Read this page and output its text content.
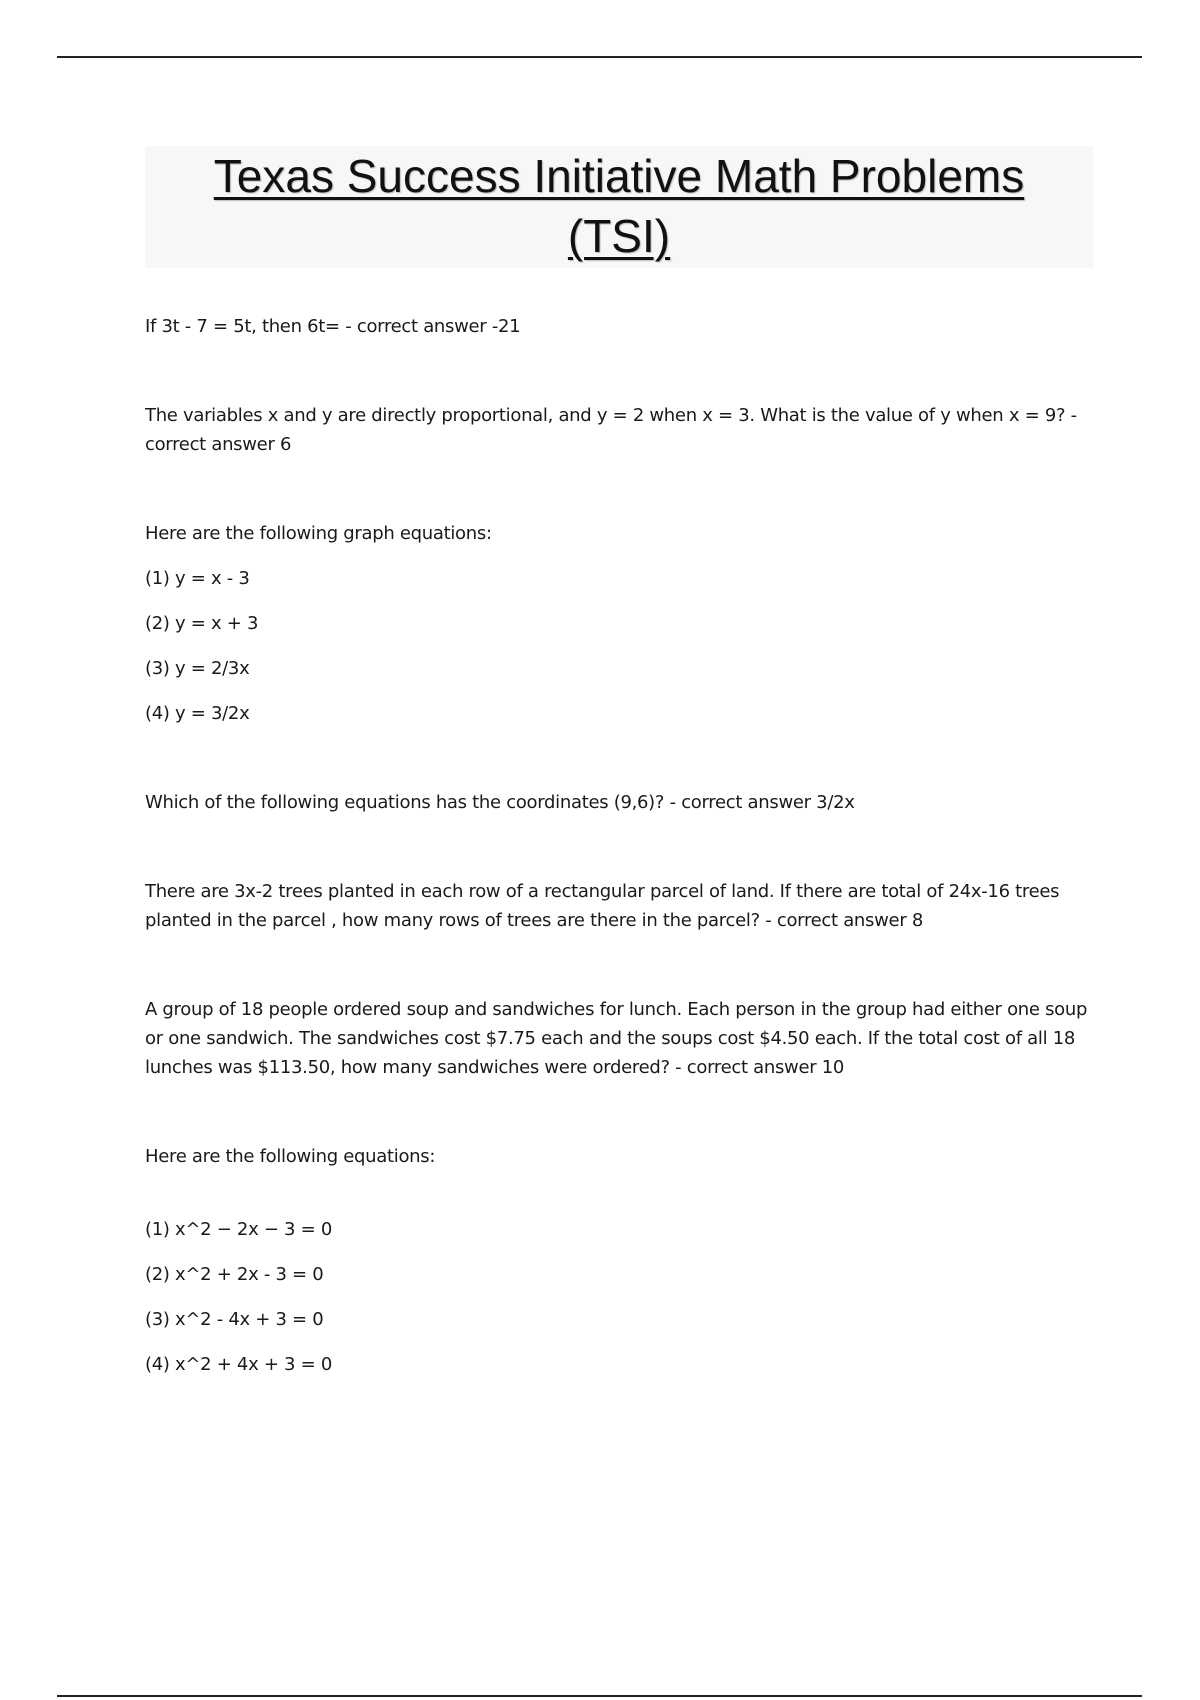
Texas Success Initiative Math Problems
(TSI)

If 3t - 7 = 5t, then 6t= - correct answer -21

The variables x and y are directly proportional, and y = 2 when x = 3. What is the value of y when x = 9? - correct answer 6

Here are the following graph equations:

(1) y = x - 3

(2) y = x + 3

(3) y = 2/3x

(4) y = 3/2x

Which of the following equations has the coordinates (9,6)? - correct answer 3/2x

There are 3x-2 trees planted in each row of a rectangular parcel of land. If there are total of 24x-16 trees planted in the parcel , how many rows of trees are there in the parcel? - correct answer 8

A group of 18 people ordered soup and sandwiches for lunch. Each person in the group had either one soup or one sandwich. The sandwiches cost $7.75 each and the soups cost $4.50 each. If the total cost of all 18 lunches was $113.50, how many sandwiches were ordered? - correct answer 10

Here are the following equations:

(1) x^2 − 2x − 3 = 0

(2) x^2 + 2x - 3 = 0

(3) x^2 - 4x + 3 = 0

(4) x^2 + 4x + 3 = 0
